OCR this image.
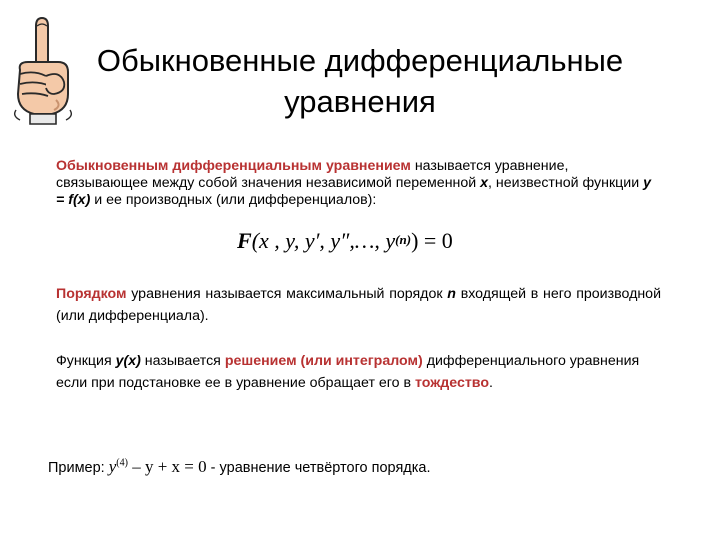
Обыкновенные дифференциальные
уравнения
Обыкновенным дифференциальным уравнением называется уравнение, связывающее между собой значения независимой переменной x, неизвестной функции y = f(x) и ее производных (или дифференциалов):
F(x , y, y′, y″,…, $y^{(n)}) = 0$
Порядком уравнения называется максимальный порядок n входящей в него производной (или дифференциала).
Функция y(x) называется решением (или интегралом) дифференциального уравнения если при подстановке ее в уравнение обращает его в тождество.
Пример: $y^{(4)} - y + x = 0$ - уравнение четвёртого порядка.
